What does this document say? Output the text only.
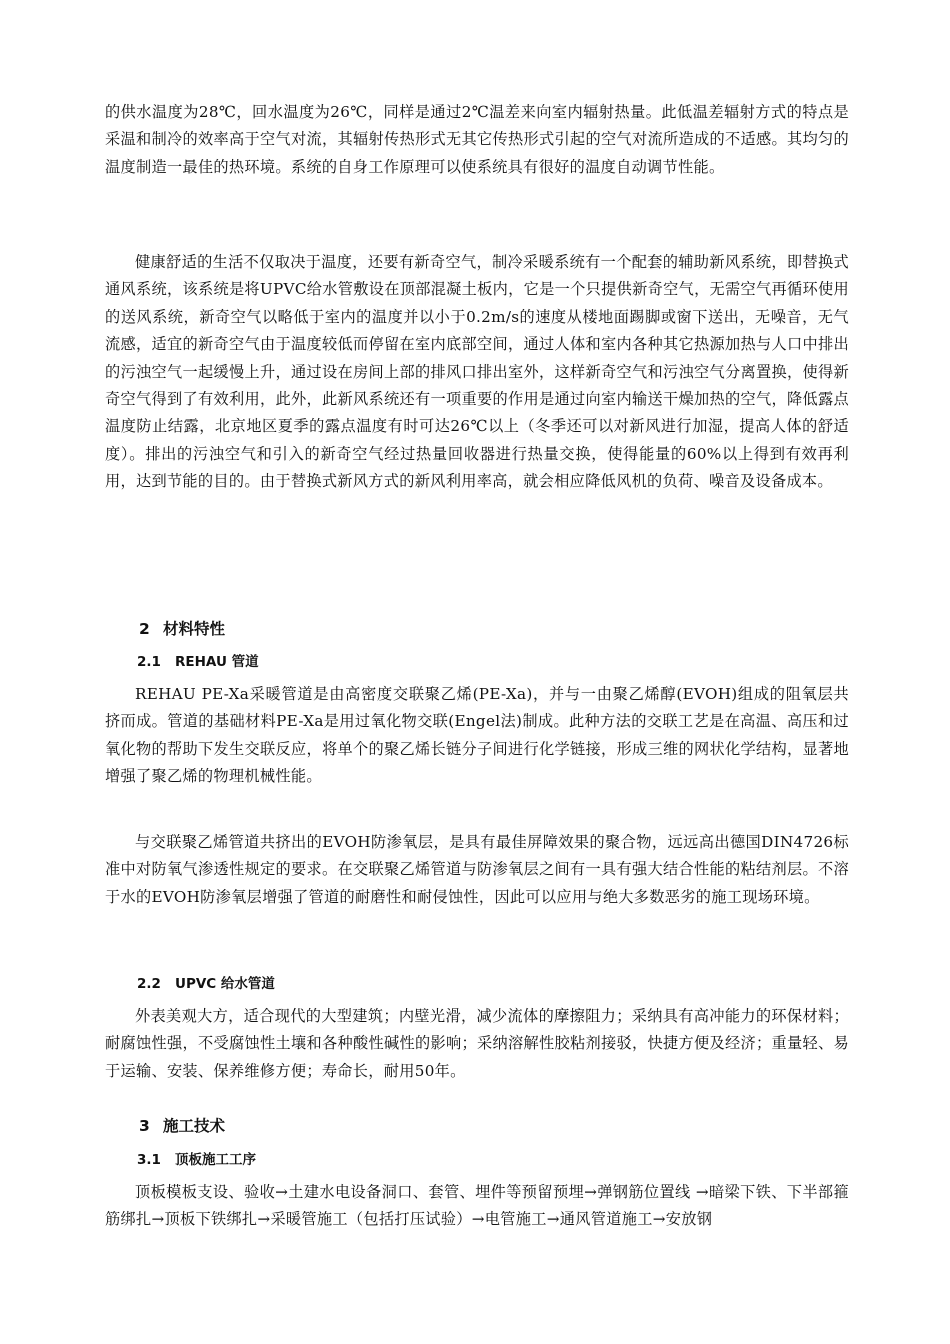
的供水温度为28℃，回水温度为26℃，同样是通过2℃温差来向室内辐射热量。此低温差辐射方式的特点是采温和制冷的效率高于空气对流，其辐射传热形式无其它传热形式引起的空气对流所造成的不适感。其均匀的温度制造一最佳的热环境。系统的自身工作原理可以使系统具有很好的温度自动调节性能。

健康舒适的生活不仅取决于温度，还要有新奇空气，制冷采暖系统有一个配套的辅助新风系统，即替换式通风系统，该系统是将UPVC给水管敷设在顶部混凝土板内，它是一个只提供新奇空气，无需空气再循环使用的送风系统，新奇空气以略低于室内的温度并以小于0.2m/s的速度从楼地面踢脚或窗下送出，无噪音，无气流感，适宜的新奇空气由于温度较低而停留在室内底部空间，通过人体和室内各种其它热源加热与人口中排出的污浊空气一起缓慢上升，通过设在房间上部的排风口排出室外，这样新奇空气和污浊空气分离置换，使得新奇空气得到了有效利用，此外，此新风系统还有一项重要的作用是通过向室内输送干燥加热的空气，降低露点温度防止结露，北京地区夏季的露点温度有时可达26℃以上（冬季还可以对新风进行加湿，提高人体的舒适度）。排出的污浊空气和引入的新奇空气经过热量回收器进行热量交换，使得能量的60%以上得到有效再利用，达到节能的目的。由于替换式新风方式的新风利用率高，就会相应降低风机的负荷、噪音及设备成本。

2 材料特性
2.1 REHAU 管道

REHAU PE-Xa采暖管道是由高密度交联聚乙烯(PE-Xa)，并与一由聚乙烯醇(EVOH)组成的阻氧层共挤而成。管道的基础材料PE-Xa是用过氧化物交联(Engel法)制成。此种方法的交联工艺是在高温、高压和过氧化物的帮助下发生交联反应，将单个的聚乙烯长链分子间进行化学链接，形成三维的网状化学结构，显著地增强了聚乙烯的物理机械性能。

与交联聚乙烯管道共挤出的EVOH防渗氧层，是具有最佳屏障效果的聚合物，远远高出德国DIN4726标准中对防氧气渗透性规定的要求。在交联聚乙烯管道与防渗氧层之间有一具有强大结合性能的粘结剂层。不溶于水的EVOH防渗氧层增强了管道的耐磨性和耐侵蚀性，因此可以应用与绝大多数恶劣的施工现场环境。

2.2 UPVC 给水管道

外表美观大方，适合现代的大型建筑；内壁光滑，减少流体的摩擦阻力；采纳具有高冲能力的环保材料；耐腐蚀性强，不受腐蚀性土壤和各种酸性碱性的影响；采纳溶解性胶粘剂接驳，快捷方便及经济；重量轻、易于运输、安装、保养维修方便；寿命长，耐用50年。

3 施工技术
3.1 顶板施工工序

顶板模板支设、验收→土建水电设备洞口、套管、埋件等预留预埋→弹钢筋位置线 →暗梁下铁、下半部箍筋绑扎→顶板下铁绑扎→采暖管施工（包括打压试验）→电管施工→通风管道施工→安放钢
